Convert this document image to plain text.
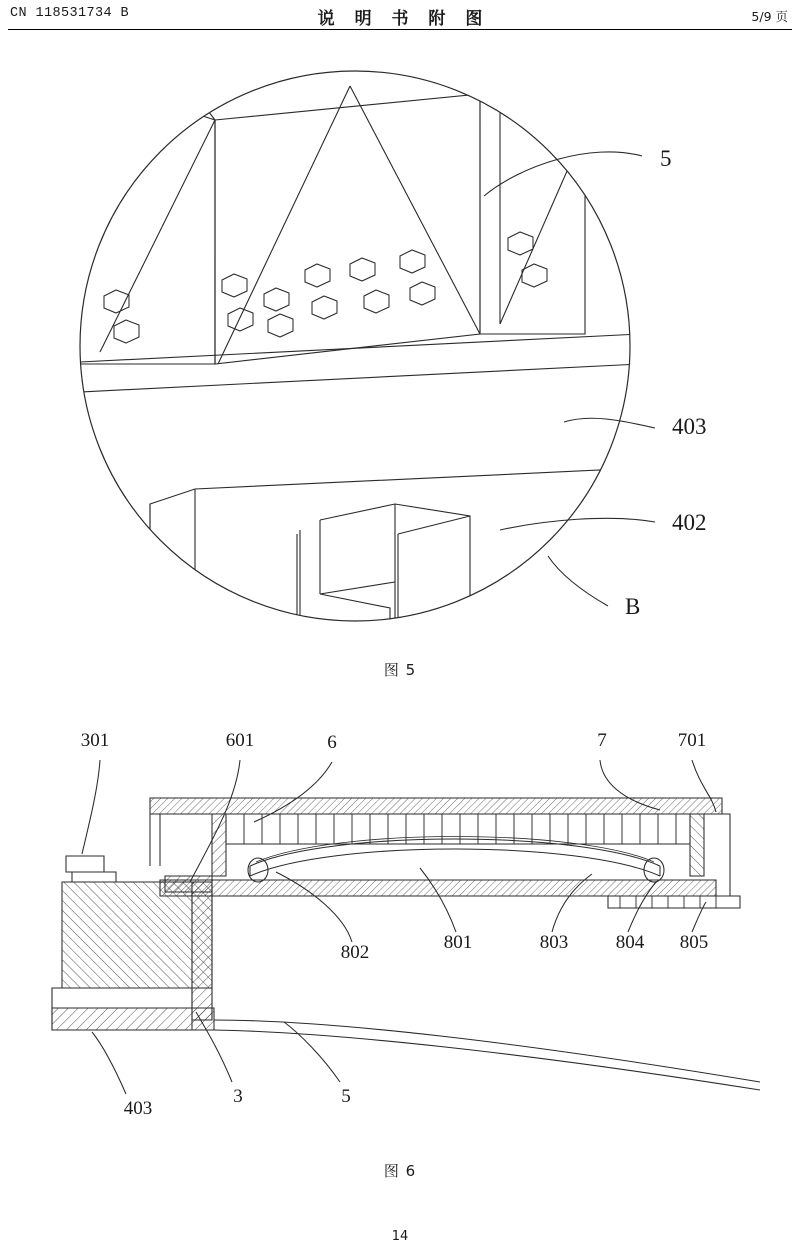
CN 118531734 B	说 明 书 附 图	5/9 页
5
403
402
B
图 5
301	601	6	7	701
802	801	803	804 805
403
3	5
图 6
14
